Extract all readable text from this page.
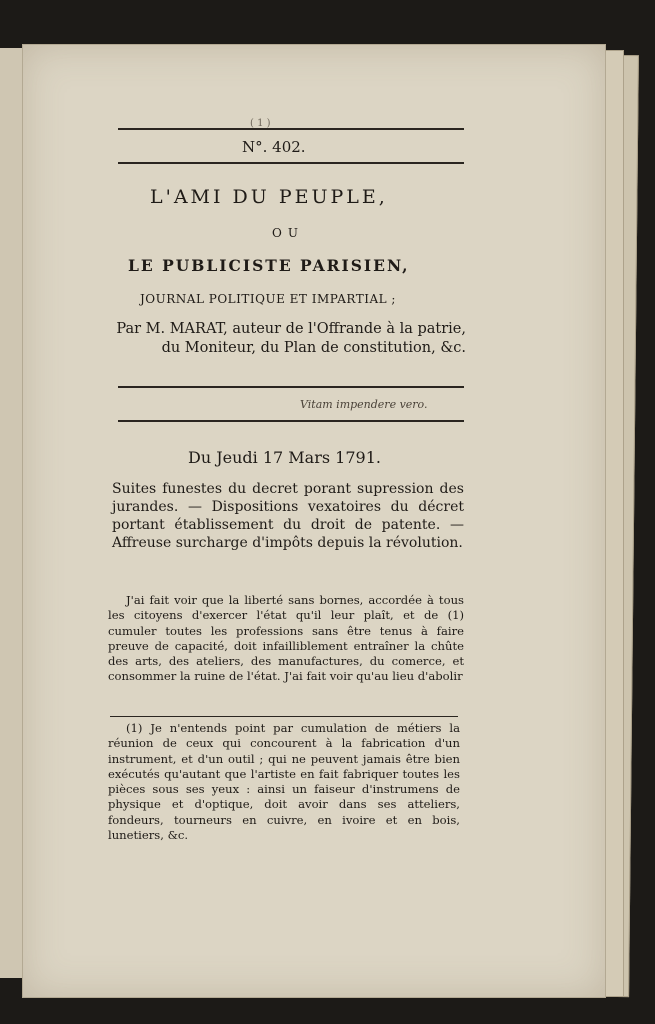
( 1 )
N°. 402.
L'AMI DU PEUPLE,
OU
LE PUBLICISTE PARISIEN,
JOURNAL POLITIQUE ET IMPARTIAL ;
Par M. MARAT, auteur de l'Offrande à la patrie, du Moniteur, du Plan de constitution, &c.
Vitam impendere vero.
Du Jeudi 17 Mars 1791.
Suites funestes du decret porant supression des jurandes. — Dispositions vexatoires du décret portant établissement du droit de patente. — Affreuse surcharge d'impôts depuis la révolution.
J'ai fait voir que la liberté sans bornes, accordée à tous les citoyens d'exercer l'état qu'il leur plaît, et de (1) cumuler toutes les professions sans être tenus à faire preuve de capacité, doit infailliblement entraîner la chûte des arts, des ateliers, des manufactures, du comerce, et consommer la ruine de l'état. J'ai fait voir qu'au lieu d'abolir
(1) Je n'entends point par cumulation de métiers la réunion de ceux qui concourent à la fabrication d'un instrument, et d'un outil ; qui ne peuvent jamais être bien exécutés qu'autant que l'artiste en fait fabriquer toutes les pièces sous ses yeux : ainsi un faiseur d'instrumens de physique et d'optique, doit avoir dans ses atteliers, fondeurs, tourneurs en cuivre, en ivoire et en bois, lunetiers, &c.
